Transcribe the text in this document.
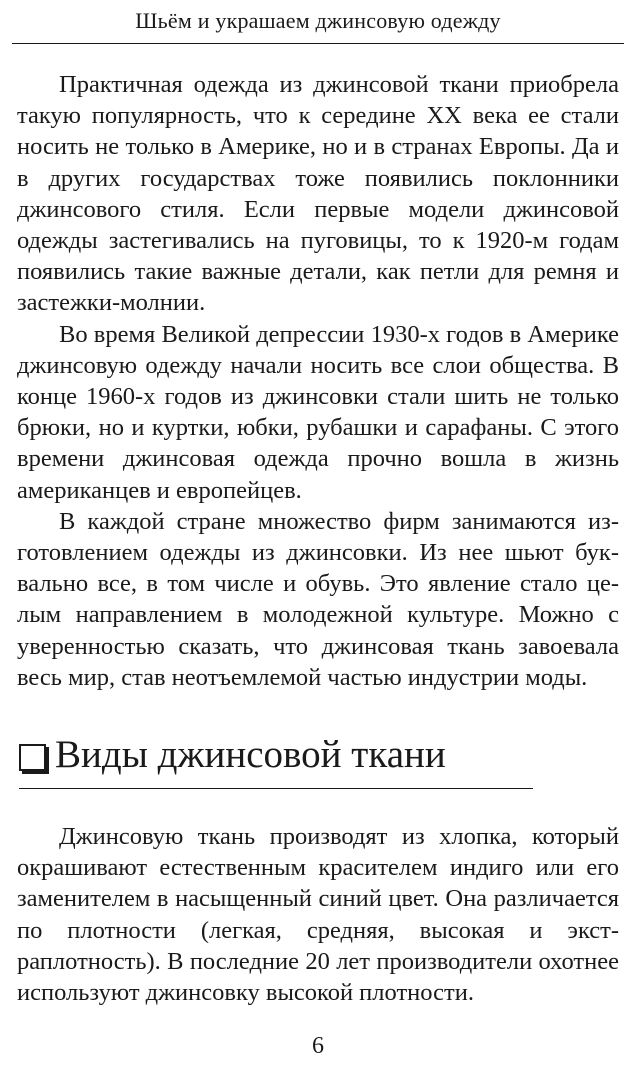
Шьём и украшаем джинсовую одежду

Практичная одежда из джинсовой ткани приобрела такую популярность, что к середине XX века ее стали носить не только в Америке, но и в странах Европы. Да и в других государствах тоже появились поклонники джинсового стиля. Если первые модели джинсовой одежды застегивались на пуговицы, то к 1920-м годам появились такие важные детали, как петли для ремня и застежки-молнии.

Во время Великой депрессии 1930-х годов в Америке джинсовую одежду начали носить все слои общества. В конце 1960-х годов из джинсовки стали шить не только брюки, но и куртки, юбки, рубашки и сарафаны. С этого времени джинсовая одежда прочно вошла в жизнь американцев и европейцев.

В каждой стране множество фирм занимаются изготовлением одежды из джинсовки. Из нее шьют буквально все, в том числе и обувь. Это явление стало целым направлением в молодежной культуре. Можно с уверенностью сказать, что джинсовая ткань завоевала весь мир, став неотъемлемой частью индустрии моды.

Виды джинсовой ткани

Джинсовую ткань производят из хлопка, который окрашивают естественным красителем индиго или его заменителем в насыщенный синий цвет. Она различается по плотности (легкая, средняя, высокая и экстраплотность). В последние 20 лет производители охотнее используют джинсовку высокой плотности.

6
